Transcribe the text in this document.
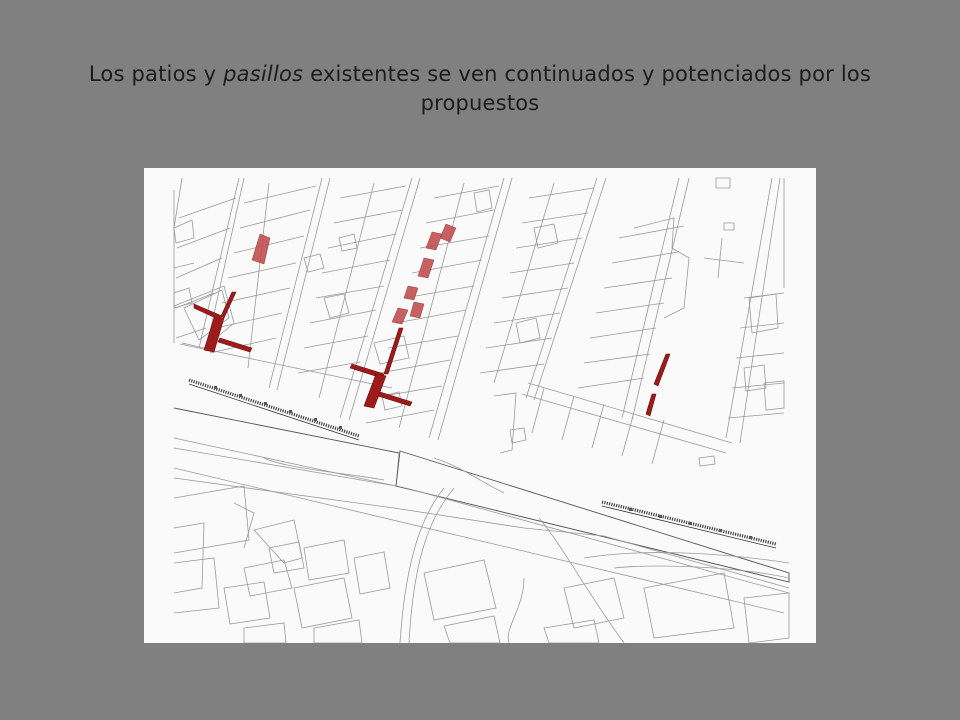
Los patios y pasillos existentes se ven continuados y potenciados por los propuestos
